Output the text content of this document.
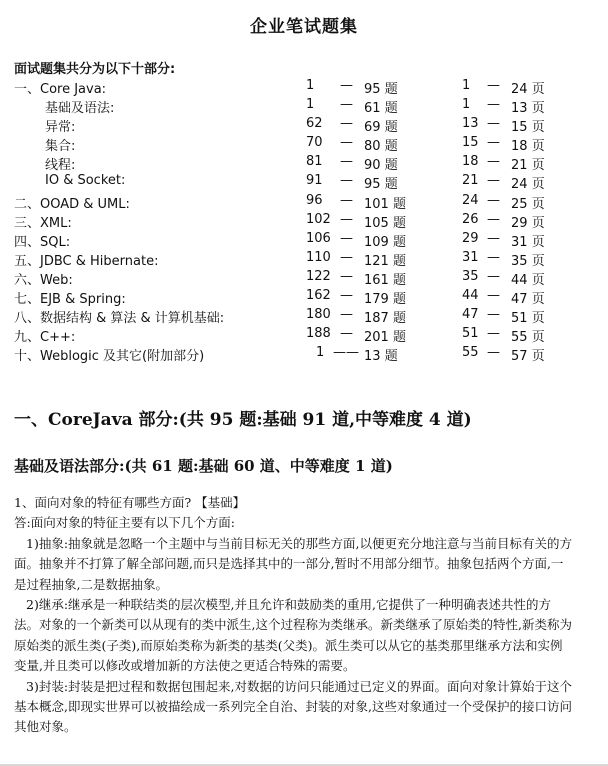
企业笔试题集
面试题集共分为以下十部分:
一、Core Java:	1	— 95 题	1	— 24 页
基础及语法:	1	— 61 题	1	— 13 页
异常:	62	— 69 题	13 — 15 页
集合:	70	— 80 题	15 — 18 页
线程:	81	— 90 题	18 — 21 页
IO & Socket:	91	— 95 题	21 — 24 页
二、OOAD & UML:	96	— 101 题	24 — 25 页
三、XML:	102 — 105 题	26 — 29 页
四、SQL:	106 — 109 题	29 — 31 页
五、JDBC & Hibernate:	110 — 121 题	31 — 35 页
六、Web:	122 — 161 题	35 — 44 页
七、EJB & Spring:	162 — 179 题	44 — 47 页
八、数据结构 & 算法 & 计算机基础:	180 — 187 题	47 — 51 页
九、C++:	188 — 201 题	51 — 55 页
十、Weblogic 及其它(附加部分)	1 —— 13 题	55 — 57 页
一、CoreJava 部分:(共 95 题:基础 91 道,中等难度 4 道)
基础及语法部分:(共 61 题:基础 60 道、中等难度 1 道)

1、面向对象的特征有哪些方面? 【基础】

答:面向对象的特征主要有以下几个方面:

1)抽象:抽象就是忽略一个主题中与当前目标无关的那些方面,以便更充分地注意与当前目标有关的方面。抽象并不打算了解全部问题,而只是选择其中的一部分,暂时不用部分细节。抽象包括两个方面,一是过程抽象,二是数据抽象。

2)继承:继承是一种联结类的层次模型,并且允许和鼓励类的重用,它提供了一种明确表述共性的方法。对象的一个新类可以从现有的类中派生,这个过程称为类继承。新类继承了原始类的特性,新类称为原始类的派生类(子类),而原始类称为新类的基类(父类)。派生类可以从它的基类那里继承方法和实例变量,并且类可以修改或增加新的方法使之更适合特殊的需要。

3)封装:封装是把过程和数据包围起来,对数据的访问只能通过已定义的界面。面向对象计算始于这个基本概念,即现实世界可以被描绘成一系列完全自治、封装的对象,这些对象通过一个受保护的接口访问其他对象。
